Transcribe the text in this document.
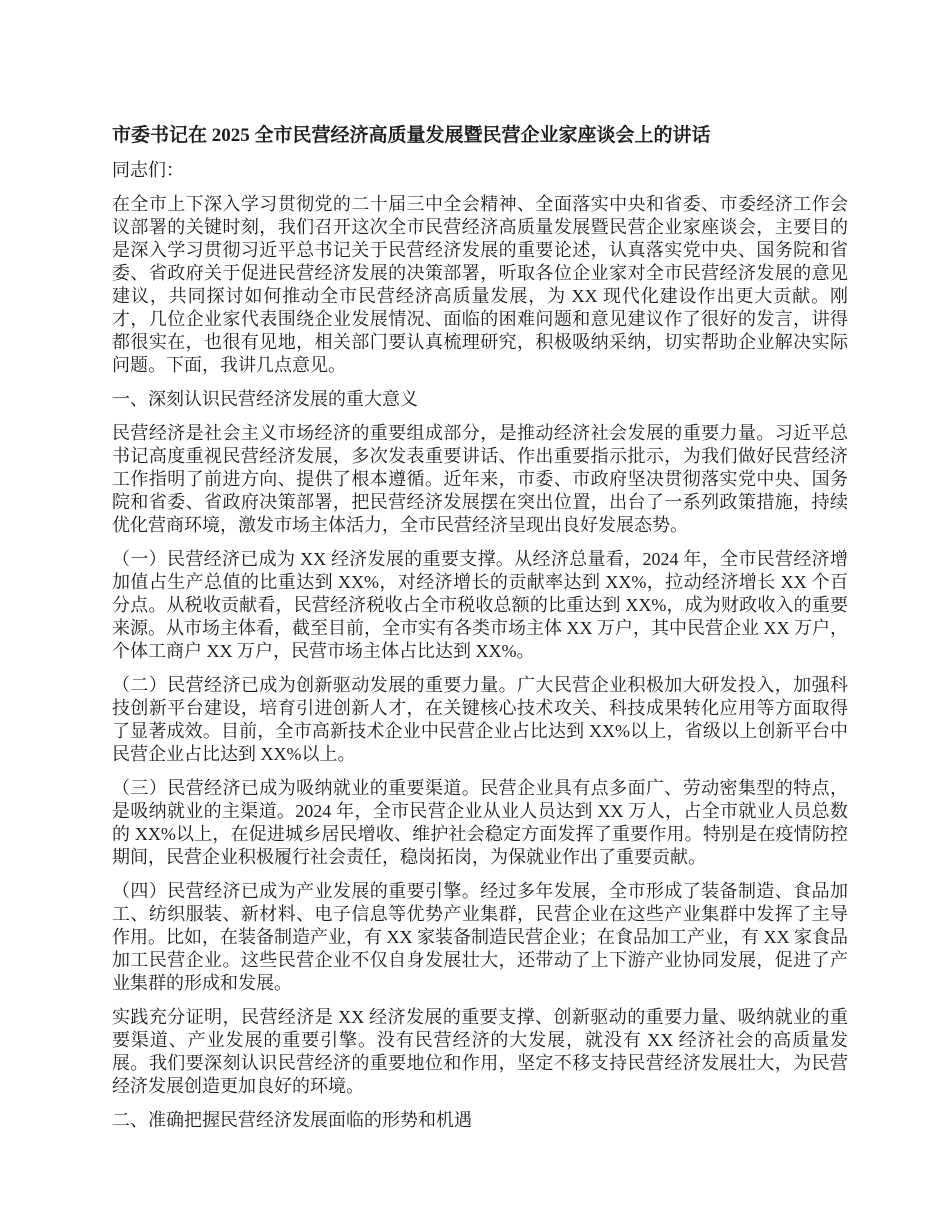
市委书记在 2025 全市民营经济高质量发展暨民营企业家座谈会上的讲话

同志们：

在全市上下深入学习贯彻党的二十届三中全会精神、全面落实中央和省委、市委经济工作会议部署的关键时刻，我们召开这次全市民营经济高质量发展暨民营企业家座谈会，主要目的是深入学习贯彻习近平总书记关于民营经济发展的重要论述，认真落实党中央、国务院和省委、省政府关于促进民营经济发展的决策部署，听取各位企业家对全市民营经济发展的意见建议，共同探讨如何推动全市民营经济高质量发展，为 XX 现代化建设作出更大贡献。刚才，几位企业家代表围绕企业发展情况、面临的困难问题和意见建议作了很好的发言，讲得都很实在，也很有见地，相关部门要认真梳理研究，积极吸纳采纳，切实帮助企业解决实际问题。下面，我讲几点意见。

一、深刻认识民营经济发展的重大意义

民营经济是社会主义市场经济的重要组成部分，是推动经济社会发展的重要力量。习近平总书记高度重视民营经济发展，多次发表重要讲话、作出重要指示批示，为我们做好民营经济工作指明了前进方向、提供了根本遵循。近年来，市委、市政府坚决贯彻落实党中央、国务院和省委、省政府决策部署，把民营经济发展摆在突出位置，出台了一系列政策措施，持续优化营商环境，激发市场主体活力，全市民营经济呈现出良好发展态势。

（一）民营经济已成为 XX 经济发展的重要支撑。从经济总量看，2024 年，全市民营经济增加值占生产总值的比重达到 XX%，对经济增长的贡献率达到 XX%，拉动经济增长 XX 个百分点。从税收贡献看，民营经济税收占全市税收总额的比重达到 XX%，成为财政收入的重要来源。从市场主体看，截至目前，全市实有各类市场主体 XX 万户，其中民营企业 XX 万户，个体工商户 XX 万户，民营市场主体占比达到 XX%。

（二）民营经济已成为创新驱动发展的重要力量。广大民营企业积极加大研发投入，加强科技创新平台建设，培育引进创新人才，在关键核心技术攻关、科技成果转化应用等方面取得了显著成效。目前，全市高新技术企业中民营企业占比达到 XX%以上，省级以上创新平台中民营企业占比达到 XX%以上。

（三）民营经济已成为吸纳就业的重要渠道。民营企业具有点多面广、劳动密集型的特点，是吸纳就业的主渠道。2024 年，全市民营企业从业人员达到 XX 万人，占全市就业人员总数的 XX%以上，在促进城乡居民增收、维护社会稳定方面发挥了重要作用。特别是在疫情防控期间，民营企业积极履行社会责任，稳岗拓岗，为保就业作出了重要贡献。

（四）民营经济已成为产业发展的重要引擎。经过多年发展，全市形成了装备制造、食品加工、纺织服装、新材料、电子信息等优势产业集群，民营企业在这些产业集群中发挥了主导作用。比如，在装备制造产业，有 XX 家装备制造民营企业；在食品加工产业，有 XX 家食品加工民营企业。这些民营企业不仅自身发展壮大，还带动了上下游产业协同发展，促进了产业集群的形成和发展。

实践充分证明，民营经济是 XX 经济发展的重要支撑、创新驱动的重要力量、吸纳就业的重要渠道、产业发展的重要引擎。没有民营经济的大发展，就没有 XX 经济社会的高质量发展。我们要深刻认识民营经济的重要地位和作用，坚定不移支持民营经济发展壮大，为民营经济发展创造更加良好的环境。

二、准确把握民营经济发展面临的形势和机遇
